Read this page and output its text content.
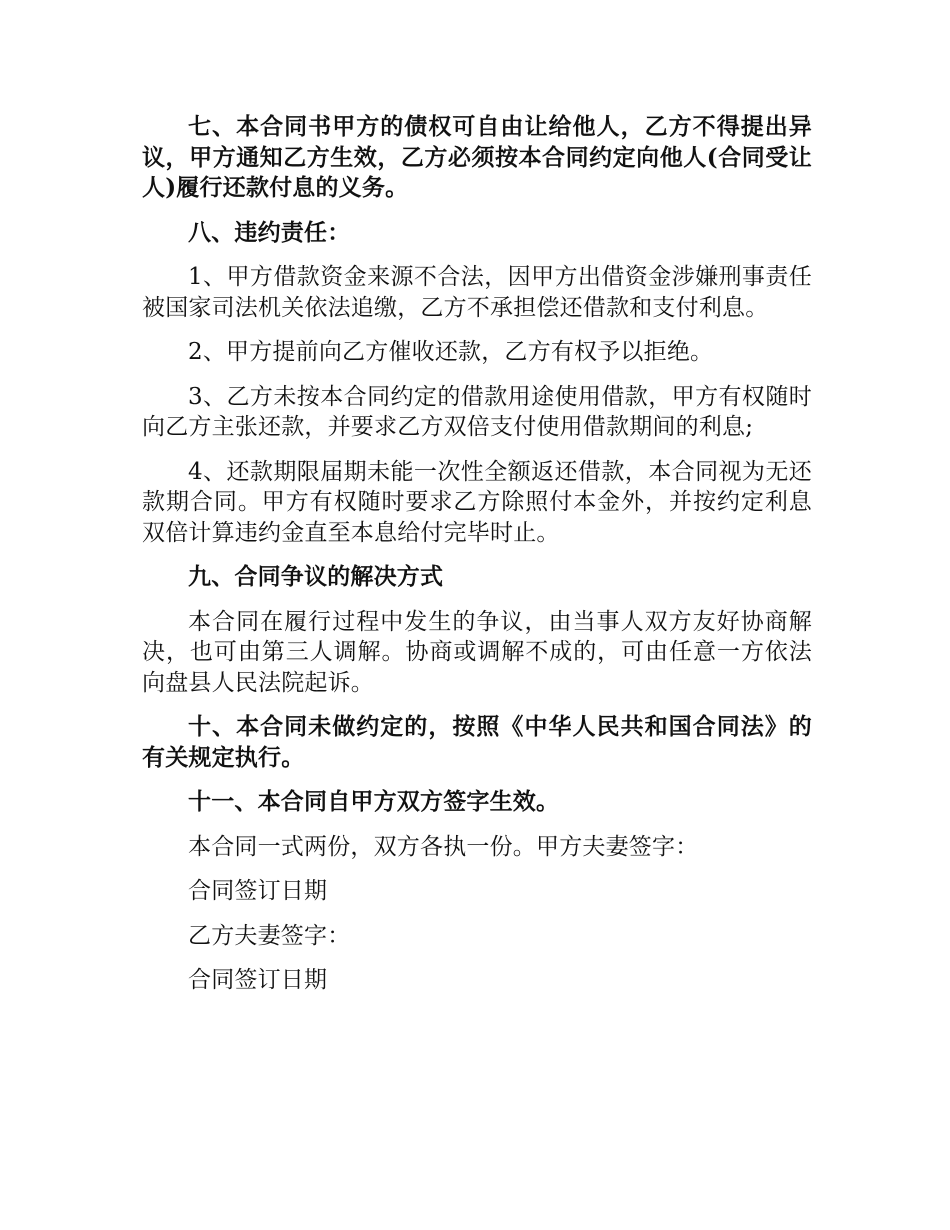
七、本合同书甲方的债权可自由让给他人，乙方不得提出异议，甲方通知乙方生效，乙方必须按本合同约定向他人(合同受让人)履行还款付息的义务。

八、违约责任：

1、甲方借款资金来源不合法，因甲方出借资金涉嫌刑事责任被国家司法机关依法追缴，乙方不承担偿还借款和支付利息。

2、甲方提前向乙方催收还款，乙方有权予以拒绝。

3、乙方未按本合同约定的借款用途使用借款，甲方有权随时向乙方主张还款，并要求乙方双倍支付使用借款期间的利息;

4、还款期限届期未能一次性全额返还借款，本合同视为无还款期合同。甲方有权随时要求乙方除照付本金外，并按约定利息双倍计算违约金直至本息给付完毕时止。

九、合同争议的解决方式

本合同在履行过程中发生的争议，由当事人双方友好协商解决，也可由第三人调解。协商或调解不成的，可由任意一方依法向盘县人民法院起诉。

十、本合同未做约定的，按照《中华人民共和国合同法》的有关规定执行。

十一、本合同自甲方双方签字生效。

本合同一式两份，双方各执一份。甲方夫妻签字：

合同签订日期

乙方夫妻签字：

合同签订日期
